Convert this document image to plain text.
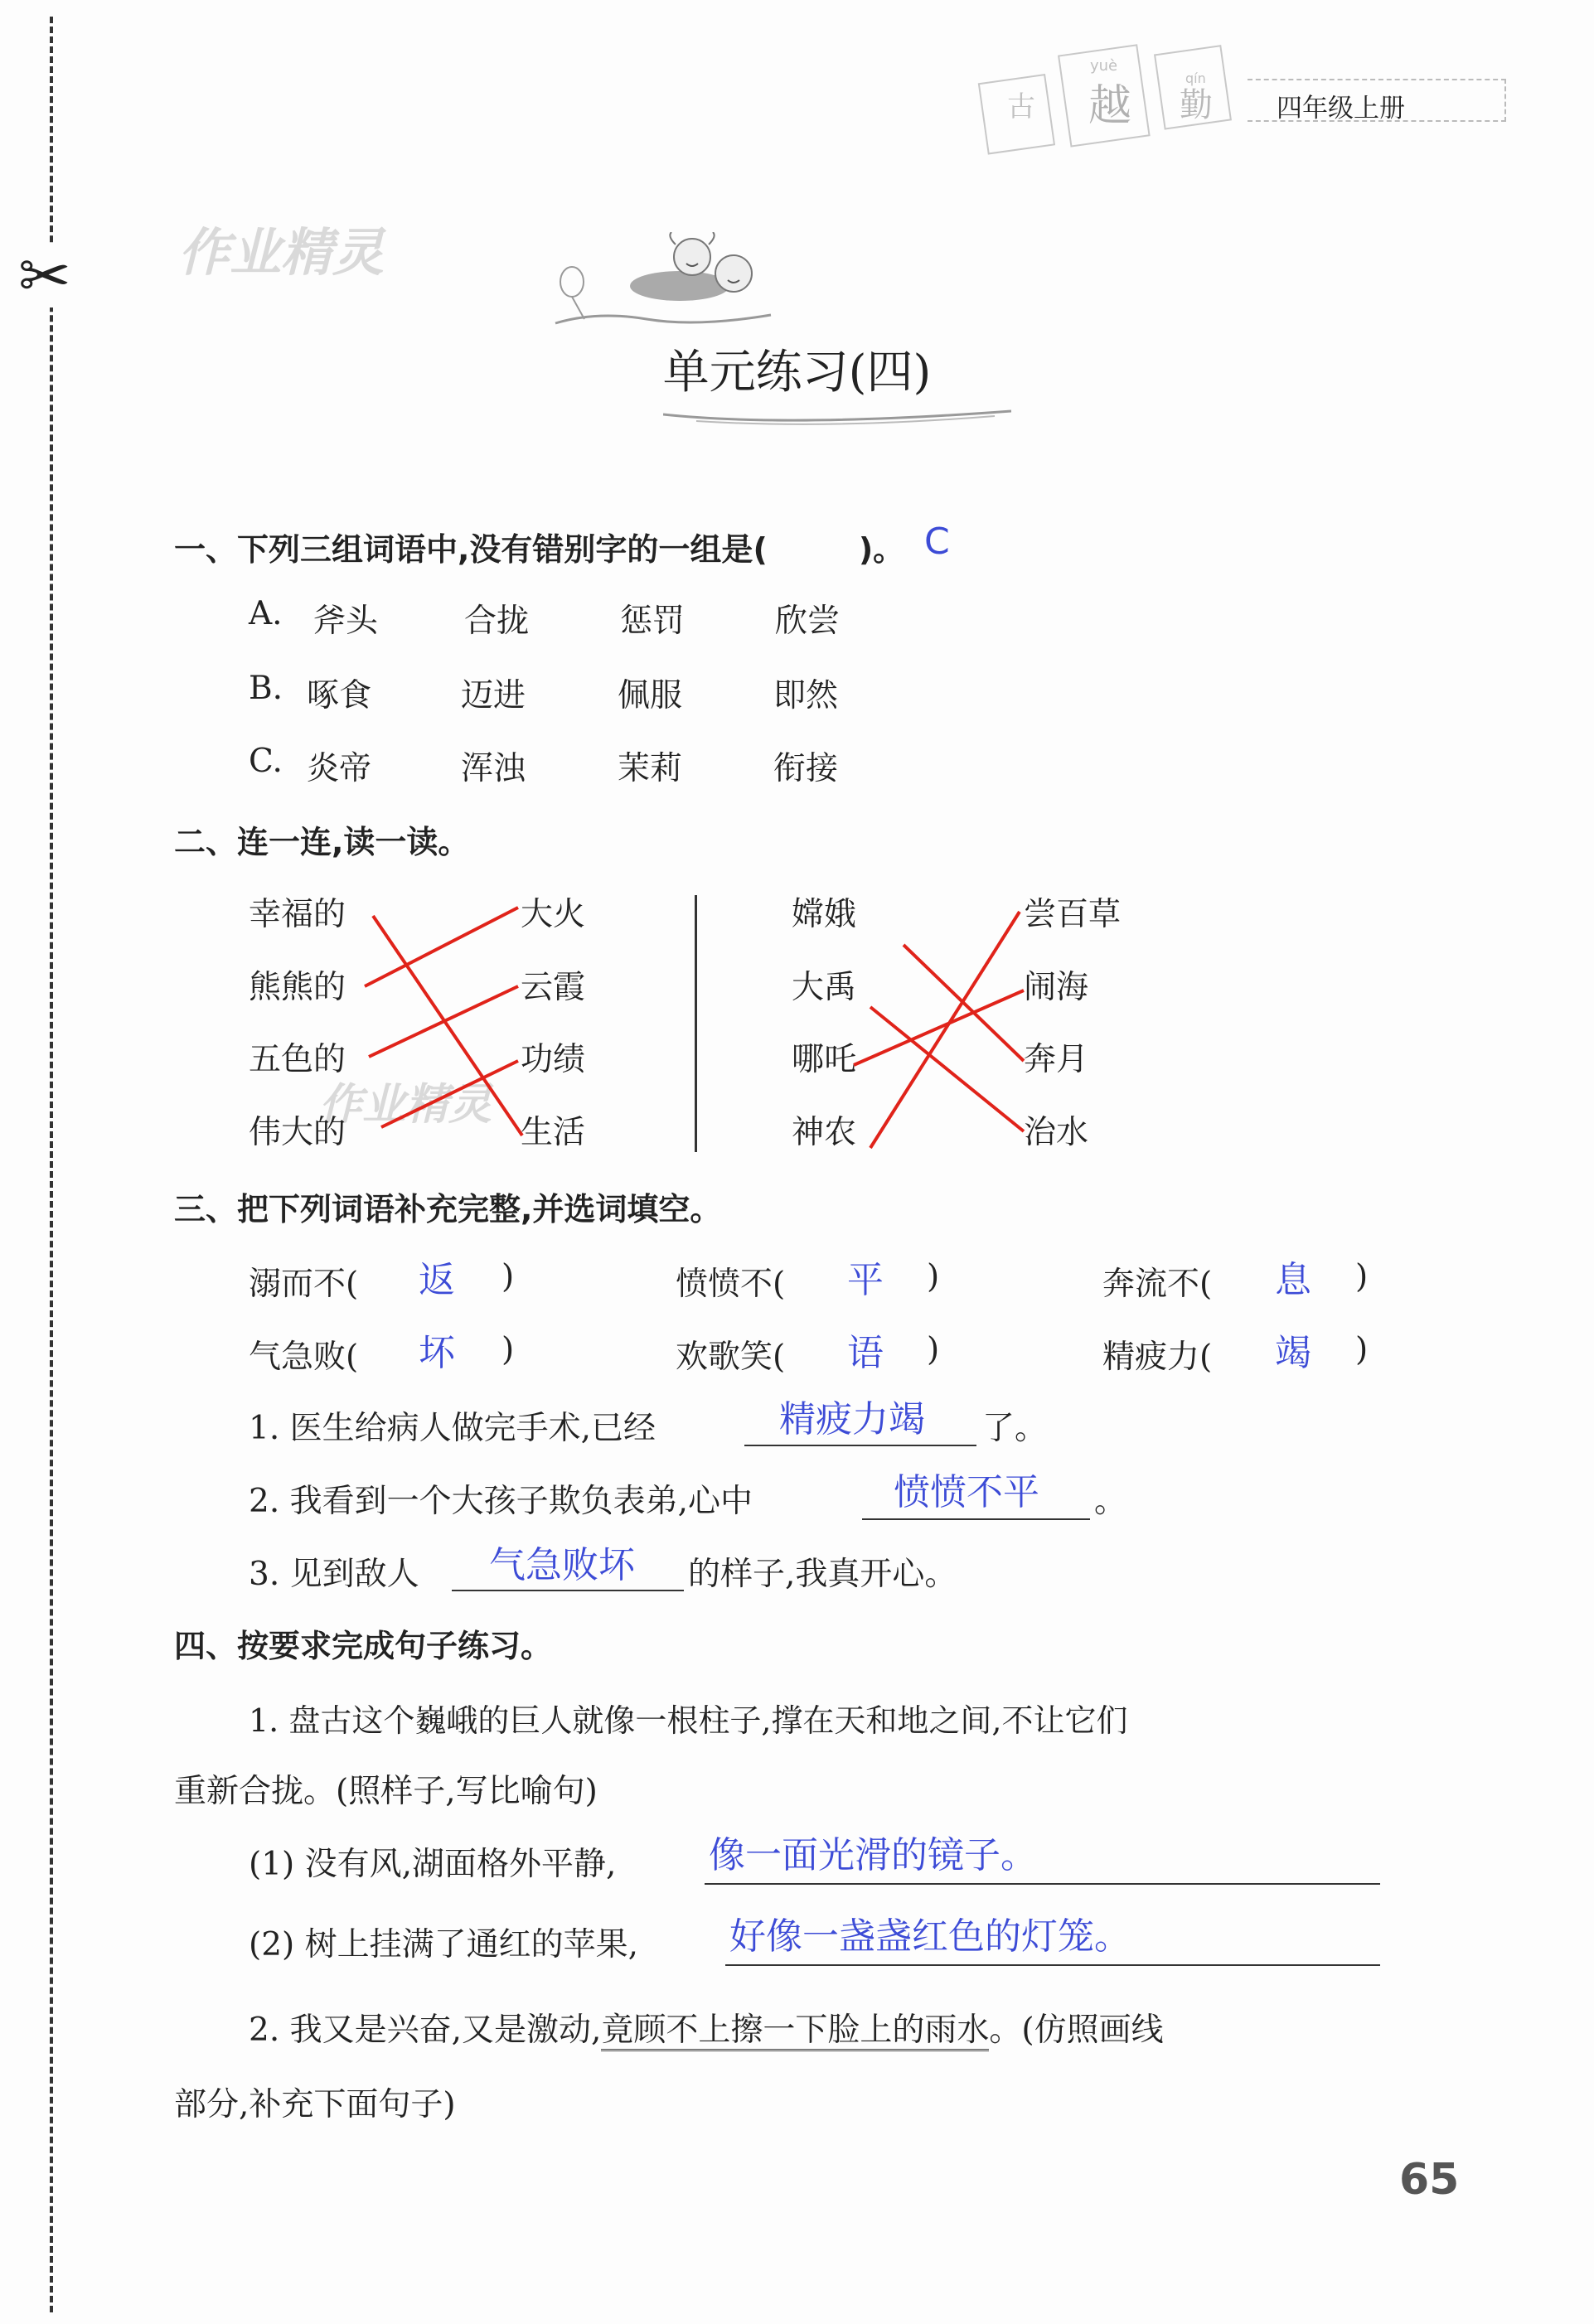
✂ 作业精灵
作业精灵
古 越 勤
yuè
qín
四年级上册
单元练习(四)
一、下列三组词语中,没有错别字的一组是(	)。 C
A. 斧头	合拢	惩罚	欣尝
B. 啄食	迈进	佩服	即然
C. 炎帝	浑浊	茉莉	衔接
二、连一连,读一读。
幸福的
熊熊的
五色的
伟大的
大火
云霞
功绩
生活
嫦娥
大禹
哪吒
神农
尝百草
闹海
奔月
治水
三、把下列词语补充完整,并选词填空。
溺而不( 返 )	愤愤不( 平 )	奔流不( 息 )
气急败( 坏 )	欢歌笑( 语 )	精疲力( 竭 )
1. 医生给病人做完手术,已经	精疲力竭 了。
2. 我看到一个大孩子欺负表弟,心中	愤愤不平 。
3. 见到敌人 气急败坏 的样子,我真开心。
四、按要求完成句子练习。
1. 盘古这个巍峨的巨人就像一根柱子,撑在天和地之间,不让它们
重新合拢。(照样子,写比喻句)
(1) 没有风,湖面格外平静,	像一面光滑的镜子。
(2) 树上挂满了通红的苹果, 好像一盏盏红色的灯笼。
2. 我又是兴奋,又是激动,竟顾不上擦一下脸上的雨水。(仿照画线
部分,补充下面句子)
65
